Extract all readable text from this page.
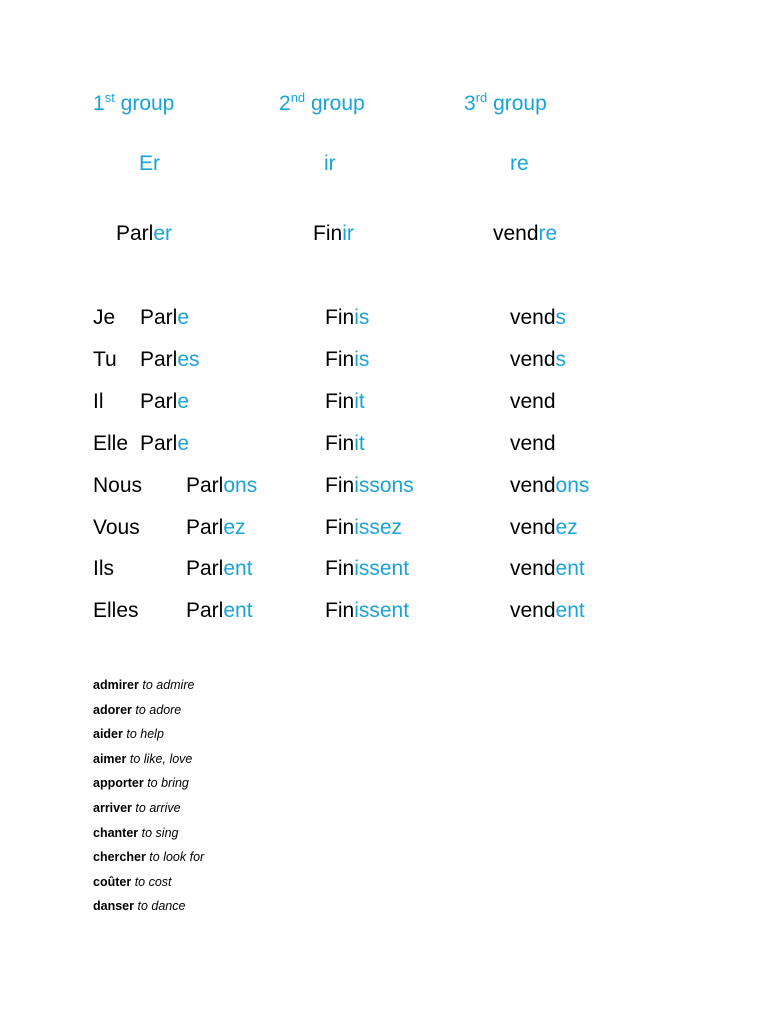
1st group	2nd group	3rd group
Er	ir	re
Parler	Finir	vendre
Je Parle	Finis	vends
Tu Parles	Finis	vends
Il Parle	Finit	vend
Elle Parle	Finit	vend
Nous Parlons	Finissons	vendons
Vous Parlez	Finissez	vendez
Ils	Parlent	Finissent	vendent
Elles Parlent	Finissent	vendent
admirer to admire
adorer to adore
aider to help
aimer to like, love
apporter to bring
arriver to arrive
chanter to sing
chercher to look for
coûter to cost
danser to dance
